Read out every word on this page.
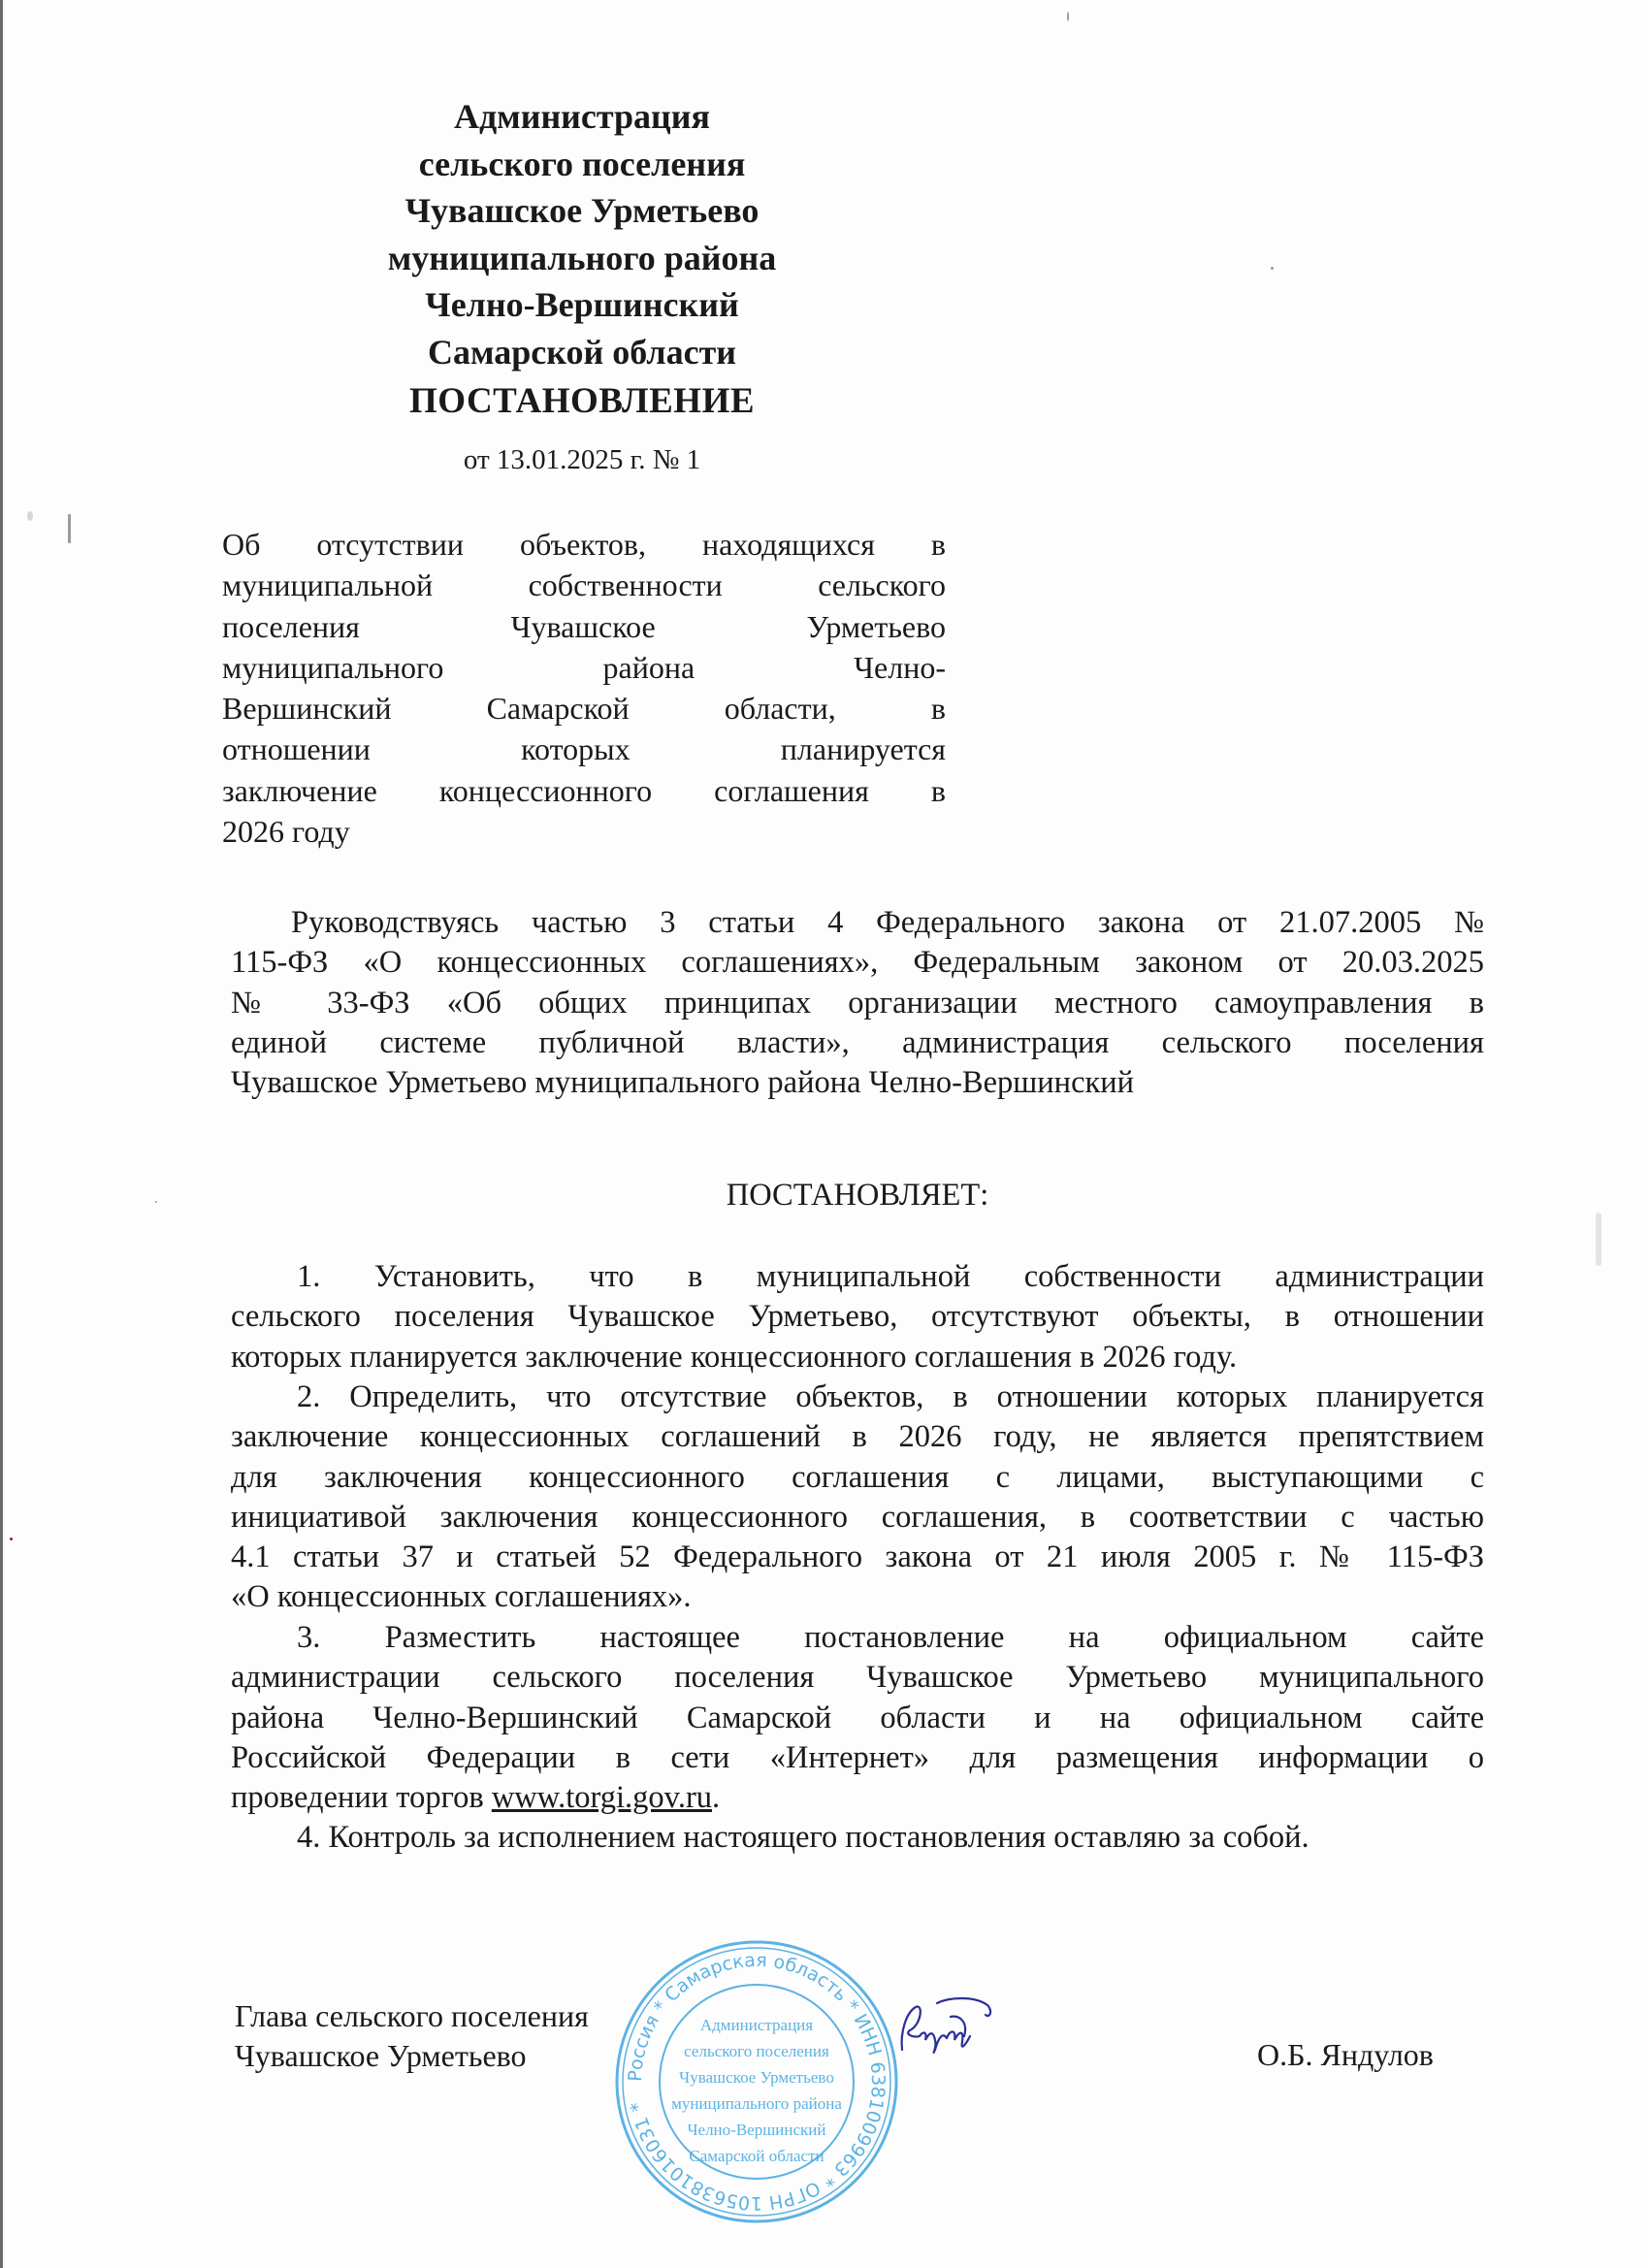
Администрация
сельского поселения
Чувашское Урметьево
муниципального района
Челно-Вершинский
Самарской области
ПОСТАНОВЛЕНИЕ
от 13.01.2025 г. № 1
Об отсутствии объектов, находящихся в
муниципальной собственности сельского
поселения Чувашское Урметьево
муниципального района Челно-
Вершинский Самарской области, в
отношении которых планируется
заключение концессионного соглашения в
2026 году
Руководствуясь частью 3 статьи 4 Федерального закона от 21.07.2005 №
115-ФЗ «О концессионных соглашениях», Федеральным законом от 20.03.2025
№ 33-ФЗ «Об общих принципах организации местного самоуправления в
единой системе публичной власти», администрация сельского поселения
Чувашское Урметьево муниципального района Челно-Вершинский
ПОСТАНОВЛЯЕТ:
1. Установить, что в муниципальной собственности администрации
сельского поселения Чувашское Урметьево, отсутствуют объекты, в отношении
которых планируется заключение концессионного соглашения в 2026 году.
2. Определить, что отсутствие объектов, в отношении которых планируется
заключение концессионных соглашений в 2026 году, не является препятствием
для заключения концессионного соглашения с лицами, выступающими с
инициативой заключения концессионного соглашения, в соответствии с частью
4.1 статьи 37 и статьей 52 Федерального закона от 21 июля 2005 г. № 115-ФЗ
«О концессионных соглашениях».
3. Разместить настоящее постановление на официальном сайте
администрации сельского поселения Чувашское Урметьево муниципального
района Челно-Вершинский Самарской области и на официальном сайте
Российской Федерации в сети «Интернет» для размещения информации о
проведении торгов www.torgi.gov.ru.
4. Контроль за исполнением настоящего постановления оставляю за собой.
Глава сельского поселения
Чувашское Урметьево
Россия * Самарская область * ИНН 6381009963 * ОГРН 1056381016031 *
Администрация
сельского поселения
Чувашское Урметьево
муниципального района
Челно-Вершинский
Самарской области
О.Б. Яндулов
